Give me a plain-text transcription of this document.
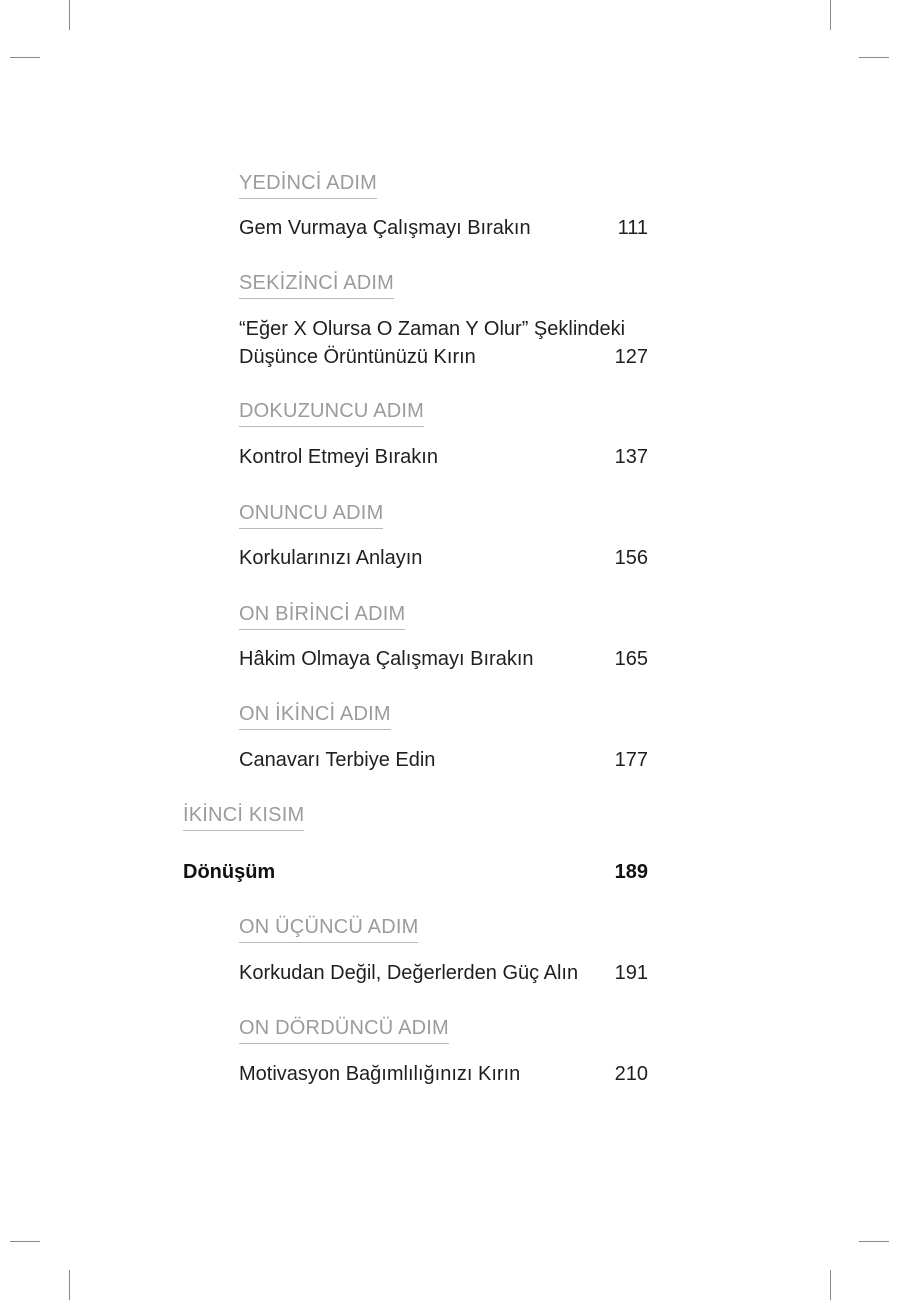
YEDİNCİ ADIM
Gem Vurmaya Çalışmayı Bırakın	111
SEKİZİNCİ ADIM
“Eğer X Olursa O Zaman Y Olur” Şeklindeki
Düşünce Örüntünüzü Kırın	127
DOKUZUNCU ADIM
Kontrol Etmeyi Bırakın	137
ONUNCU ADIM
Korkularınızı Anlayın	156
ON BİRİNCİ ADIM
Hâkim Olmaya Çalışmayı Bırakın	165
ON İKİNCİ ADIM
Canavarı Terbiye Edin	177
İKİNCİ KISIM
Dönüşüm	189
ON ÜÇÜNCÜ ADIM
Korkudan Değil, Değerlerden Güç Alın	191
ON DÖRDÜNCÜ ADIM
Motivasyon Bağımlılığınızı Kırın	210
